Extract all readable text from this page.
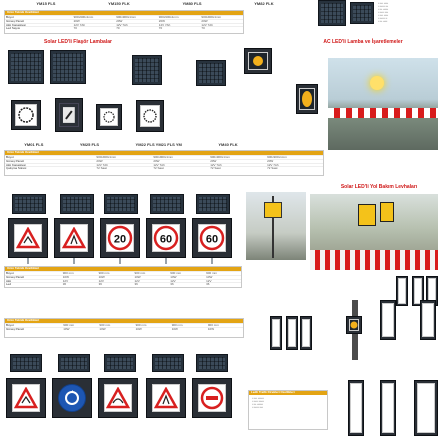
YM15 FLS	YM150 FLK	YM80 FLS	YM82 FLK
Ürün Teknik Özellikleri
Boyut	900x900x1mm	900x900x1mm	900x900x1mm	900x900x1mm
Güneş Paneli	20W	20W	20W	20W
Akü Kapasitesi	12V 7Ah	12V 7Ah	12V 7Ah	12V 7Ah
Led Sayısı	70	70	70	70
▪ ▪▪▪▪ ▪▪▪▪▪
▪ ▪▪▪▪▪▪ ▪▪▪
▪ ▪▪▪ ▪▪▪▪▪▪
▪ ▪▪▪▪▪ ▪▪▪▪
▪ ▪▪▪▪ ▪▪▪▪▪
▪ ▪▪▪▪▪▪ ▪▪
▪ ▪▪▪ ▪▪▪▪▪
Solar LED'li Flaşör Lambalar	AC LED'li Lamba ve İşaretlemeler
YM01 FLS	YM25 FLS	YM22 FLS YM21 FLS YM	YM40 FLK
Ürün Teknik Özellikleri
Boyut	900x900x1mm	900x900x1mm	900x900x1mm	900x900x1mm
Güneş Paneli	20W	20W	20W	20W
Akü Kapasitesi	12V 7Ah	12V 7Ah	12V 7Ah	12V 7Ah
Çalışma Süresi	72 Saat	72 Saat	72 Saat	72 Saat
Solar LED'li Yol Bakım Levhaları
20	60	60
Ürün Teknik Özellikleri
Boyut	900 mm	900 mm	900 mm	900 mm	900 mm
Güneş Paneli	10W	10W	10W	10W	10W
Akü	12V	12V	12V	12V	12V
Led	36	36	36	36	36
Ürün Teknik Özellikleri
Boyut	900 mm	900 mm	900 mm	900 mm	900 mm
Güneş Paneli	10W	10W	10W	10W	10W
Ledli Trafik Direkleri Özellikleri
▪ ▪▪▪▪ ▪▪▪▪▪▪▪
▪ ▪▪▪▪▪ ▪▪▪▪▪▪
▪ ▪▪▪ ▪▪▪▪▪▪▪
▪ ▪▪▪▪▪▪ ▪▪▪▪
